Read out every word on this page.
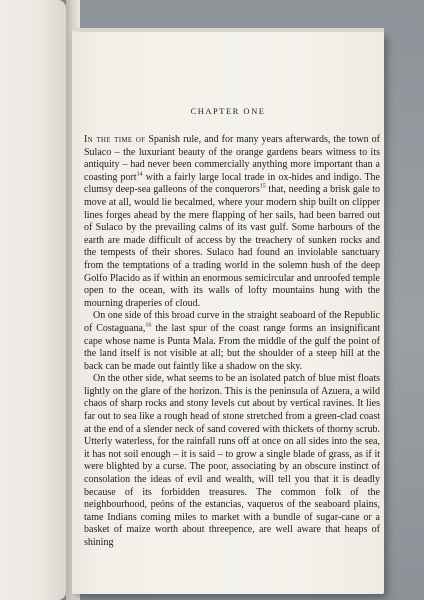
CHAPTER ONE

In the time of Spanish rule, and for many years afterwards, the town of Sulaco – the luxuriant beauty of the orange gardens bears witness to its antiquity – had never been commercially anything more important than a coasting port$^{14}$ with a fairly large local trade in ox-hides and indigo. The clumsy deep-sea galleons of the conquerors$^{15}$ that, needing a brisk gale to move at all, would lie becalmed, where your modern ship built on clipper lines forges ahead by the mere flapping of her sails, had been barred out of Sulaco by the prevailing calms of its vast gulf. Some harbours of the earth are made difficult of access by the treachery of sunken rocks and the tempests of their shores. Sulaco had found an inviolable sanctuary from the temptations of a trading world in the solemn hush of the deep Golfo Placido as if within an enormous semicircular and unroofed temple open to the ocean, with its walls of lofty mountains hung with the mourning draperies of cloud.

On one side of this broad curve in the straight seaboard of the Republic of Costaguana,$^{16}$ the last spur of the coast range forms an insignificant cape whose name is Punta Mala. From the middle of the gulf the point of the land itself is not visible at all; but the shoulder of a steep hill at the back can be made out faintly like a shadow on the sky.

On the other side, what seems to be an isolated patch of blue mist floats lightly on the glare of the horizon. This is the peninsula of Azuera, a wild chaos of sharp rocks and stony levels cut about by vertical ravines. It lies far out to sea like a rough head of stone stretched from a green-clad coast at the end of a slender neck of sand covered with thickets of thorny scrub. Utterly waterless, for the rainfall runs off at once on all sides into the sea, it has not soil enough – it is said – to grow a single blade of grass, as if it were blighted by a curse. The poor, associating by an obscure instinct of consolation the ideas of evil and wealth, will tell you that it is deadly because of its forbidden treasures. The common folk of the neighbourhood, peóns of the estancias, vaqueros of the seaboard plains, tame Indians coming miles to market with a bundle of sugar-cane or a basket of maize worth about threepence, are well aware that heaps of shining
